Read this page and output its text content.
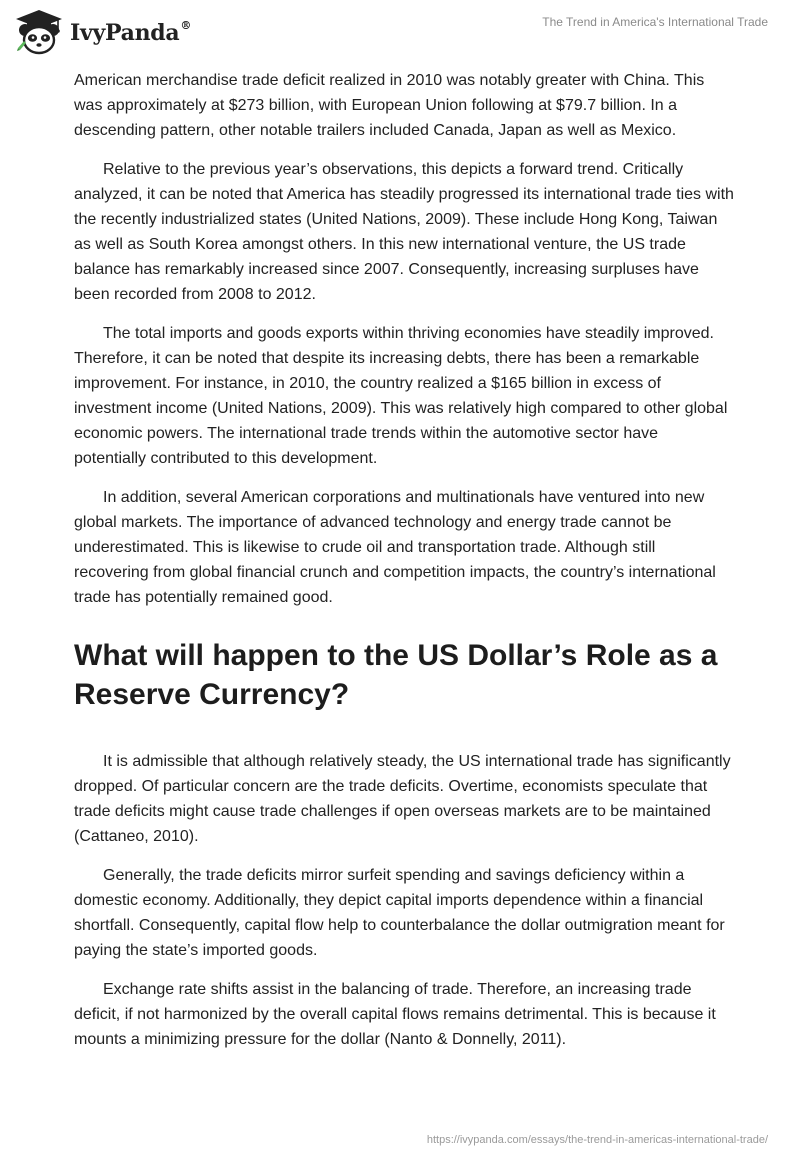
IvyPanda®	The Trend in America's International Trade

American merchandise trade deficit realized in 2010 was notably greater with China. This was approximately at $273 billion, with European Union following at $79.7 billion. In a descending pattern, other notable trailers included Canada, Japan as well as Mexico.

Relative to the previous year’s observations, this depicts a forward trend. Critically analyzed, it can be noted that America has steadily progressed its international trade ties with the recently industrialized states (United Nations, 2009). These include Hong Kong, Taiwan as well as South Korea amongst others. In this new international venture, the US trade balance has remarkably increased since 2007. Consequently, increasing surpluses have been recorded from 2008 to 2012.

The total imports and goods exports within thriving economies have steadily improved. Therefore, it can be noted that despite its increasing debts, there has been a remarkable improvement. For instance, in 2010, the country realized a $165 billion in excess of investment income (United Nations, 2009). This was relatively high compared to other global economic powers. The international trade trends within the automotive sector have potentially contributed to this development.

In addition, several American corporations and multinationals have ventured into new global markets. The importance of advanced technology and energy trade cannot be underestimated. This is likewise to crude oil and transportation trade. Although still recovering from global financial crunch and competition impacts, the country’s international trade has potentially remained good.

What will happen to the US Dollar’s Role as a Reserve Currency?

It is admissible that although relatively steady, the US international trade has significantly dropped. Of particular concern are the trade deficits. Overtime, economists speculate that trade deficits might cause trade challenges if open overseas markets are to be maintained (Cattaneo, 2010).

Generally, the trade deficits mirror surfeit spending and savings deficiency within a domestic economy. Additionally, they depict capital imports dependence within a financial shortfall. Consequently, capital flow help to counterbalance the dollar outmigration meant for paying the state’s imported goods.

Exchange rate shifts assist in the balancing of trade. Therefore, an increasing trade deficit, if not harmonized by the overall capital flows remains detrimental. This is because it mounts a minimizing pressure for the dollar (Nanto & Donnelly, 2011).

https://ivypanda.com/essays/the-trend-in-americas-international-trade/
